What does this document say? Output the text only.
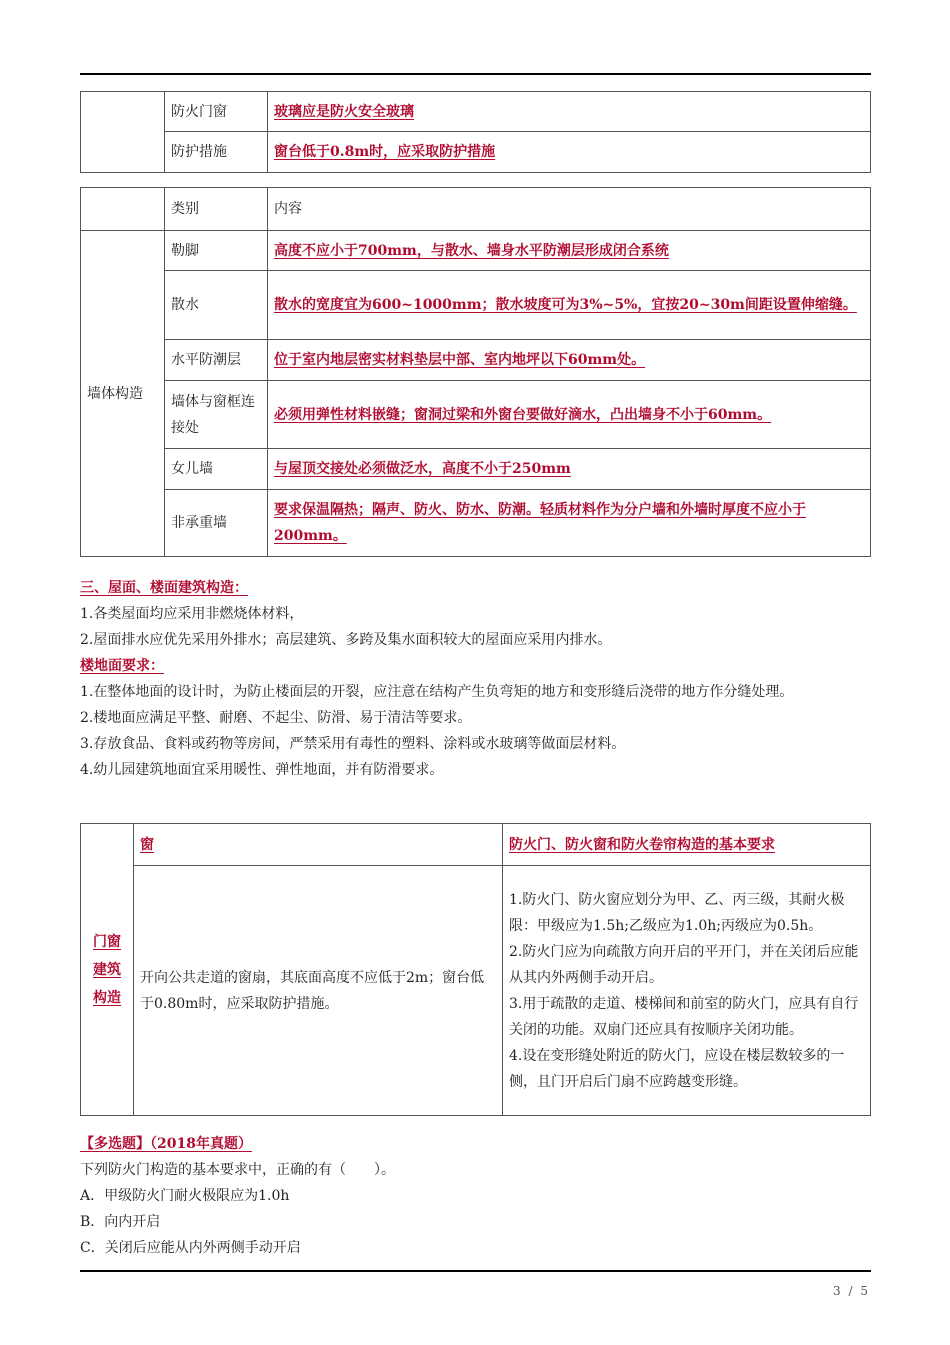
	防火门窗	玻璃应是防火安全玻璃
	防护措施	窗台低于0.8m时，应采取防护措施
	类别	内容
墙体构造	勒脚	高度不应小于700mm，与散水、墙身水平防潮层形成闭合系统
	散水	散水的宽度宜为600~1000mm；散水坡度可为3%~5%，宜按20~30m间距设置伸缩缝。
	水平防潮层	位于室内地层密实材料垫层中部、室内地坪以下60mm处。
	墙体与窗框连接处	必须用弹性材料嵌缝；窗洞过梁和外窗台要做好滴水，凸出墙身不小于60mm。
	女儿墙	与屋顶交接处必须做泛水，高度不小于250mm
	非承重墙	要求保温隔热；隔声、防火、防水、防潮。轻质材料作为分户墙和外墙时厚度不应小于200mm。

三、屋面、楼面建筑构造：

1.各类屋面均应采用非燃烧体材料，

2.屋面排水应优先采用外排水；高层建筑、多跨及集水面积较大的屋面应采用内排水。

楼地面要求：

1.在整体地面的设计时，为防止楼面层的开裂，应注意在结构产生负弯矩的地方和变形缝后浇带的地方作分缝处理。

2.楼地面应满足平整、耐磨、不起尘、防滑、易于清洁等要求。

3.存放食品、食料或药物等房间，严禁采用有毒性的塑料、涂料或水玻璃等做面层材料。

4.幼儿园建筑地面宜采用暖性、弹性地面，并有防滑要求。

门窗
建筑
构造	窗	防火门、防火窗和防火卷帘构造的基本要求
	开向公共走道的窗扇，其底面高度不应低于2m；窗台低于0.80m时，应采取防护措施。	1.防火门、防火窗应划分为甲、乙、丙三级，其耐火极限：甲级应为1.5h;乙级应为1.0h;丙级应为0.5h。
2.防火门应为向疏散方向开启的平开门，并在关闭后应能从其内外两侧手动开启。
3.用于疏散的走道、楼梯间和前室的防火门，应具有自行关闭的功能。双扇门还应具有按顺序关闭功能。
4.设在变形缝处附近的防火门，应设在楼层数较多的一侧，且门开启后门扇不应跨越变形缝。

【多选题】（2018年真题）

下列防火门构造的基本要求中，正确的有（　　）。

A．甲级防火门耐火极限应为1.0h

B．向内开启

C．关闭后应能从内外两侧手动开启

3 / 5
